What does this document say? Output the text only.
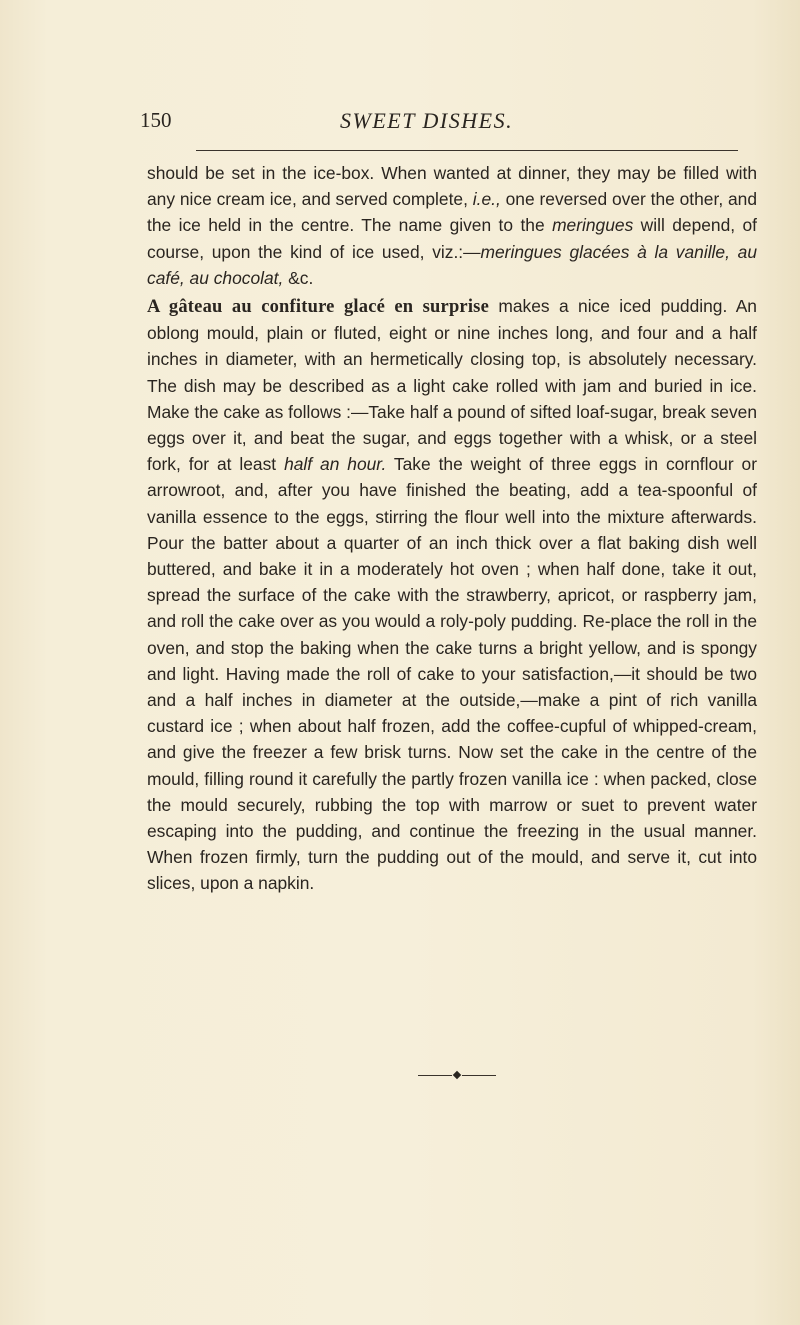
150	SWEET DISHES.

should be set in the ice-box. When wanted at dinner, they may be filled with any nice cream ice, and served complete, i.e., one reversed over the other, and the ice held in the centre. The name given to the meringues will depend, of course, upon the kind of ice used, viz.:—meringues glacées à la vanille, au café, au chocolat, &c.

A gâteau au confiture glacé en surprise makes a nice iced pudding. An oblong mould, plain or fluted, eight or nine inches long, and four and a half inches in diameter, with an hermetically closing top, is absolutely necessary. The dish may be described as a light cake rolled with jam and buried in ice. Make the cake as follows :—Take half a pound of sifted loaf-sugar, break seven eggs over it, and beat the sugar, and eggs together with a whisk, or a steel fork, for at least half an hour. Take the weight of three eggs in cornflour or arrowroot, and, after you have finished the beating, add a tea-spoonful of vanilla essence to the eggs, stirring the flour well into the mixture afterwards. Pour the batter about a quarter of an inch thick over a flat baking dish well buttered, and bake it in a moderately hot oven ; when half done, take it out, spread the surface of the cake with the strawberry, apricot, or raspberry jam, and roll the cake over as you would a roly-poly pudding. Re-place the roll in the oven, and stop the baking when the cake turns a bright yellow, and is spongy and light. Having made the roll of cake to your satisfaction,—it should be two and a half inches in diameter at the outside,—make a pint of rich vanilla custard ice ; when about half frozen, add the coffee-cupful of whipped-cream, and give the freezer a few brisk turns. Now set the cake in the centre of the mould, filling round it carefully the partly frozen vanilla ice : when packed, close the mould securely, rubbing the top with marrow or suet to prevent water escaping into the pudding, and continue the freezing in the usual manner. When frozen firmly, turn the pudding out of the mould, and serve it, cut into slices, upon a napkin.
